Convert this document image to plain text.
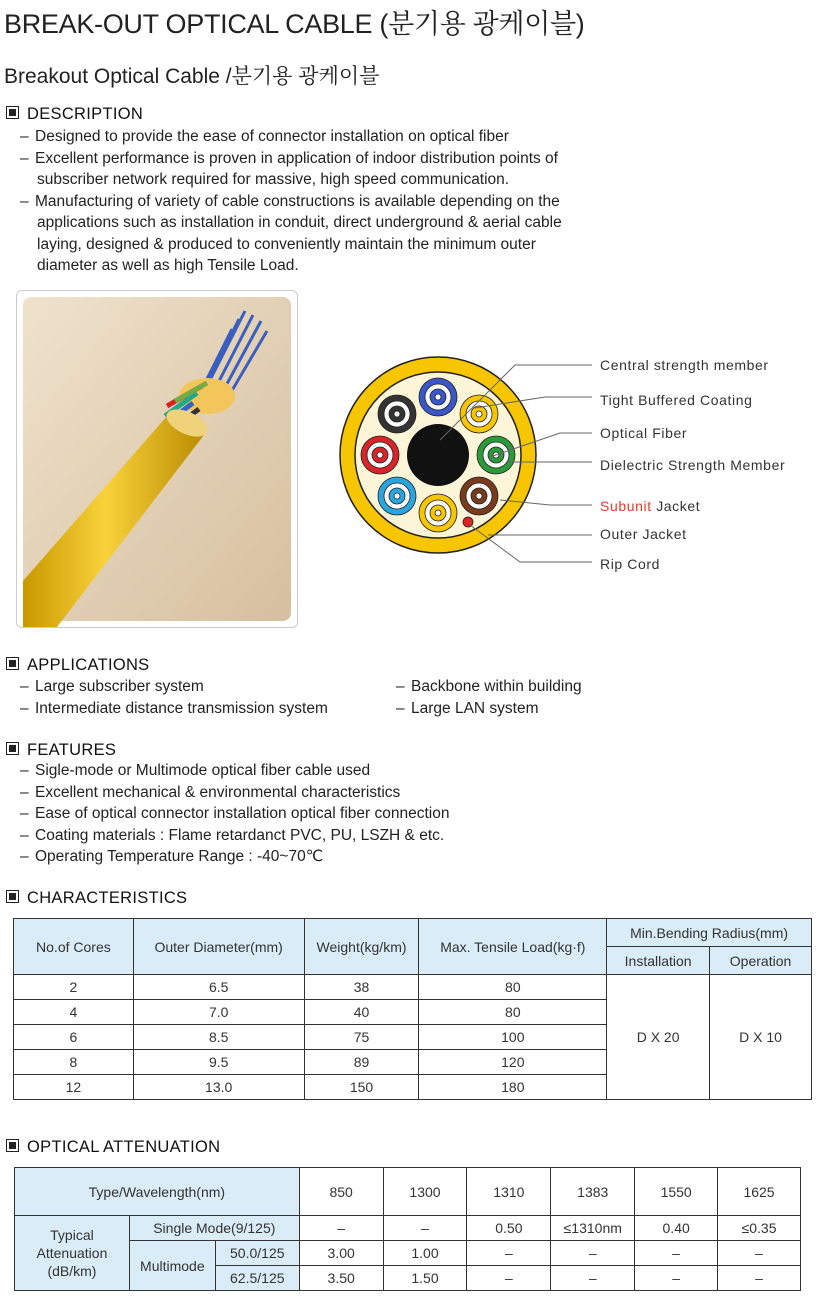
BREAK-OUT OPTICAL CABLE (분기용 광케이블)
Breakout Optical Cable /분기용 광케이블
DESCRIPTION
– Designed to provide the ease of connector installation on optical fiber
– Excellent performance is proven in application of indoor distribution points of
subscriber network required for massive, high speed communication.
– Manufacturing of variety of cable constructions is available depending on the
applications such as installation in conduit, direct underground & aerial cable
laying, designed & produced to conveniently maintain the minimum outer
diameter as well as high Tensile Load.
Central strength member
Tight Buffered Coating
Optical Fiber
Dielectric Strength Member
Subunit Jacket
Outer Jacket
Rip Cord
APPLICATIONS
– Large subscriber system
– Intermediate distance transmission system
– Backbone within building
– Large LAN system
FEATURES
– Sigle-mode or Multimode optical fiber cable used
– Excellent mechanical & environmental characteristics
– Ease of optical connector installation optical fiber connection
– Coating materials : Flame retardanct PVC, PU, LSZH & etc.
– Operating Temperature Range : -40~70℃
CHARACTERISTICS
No.of Cores	Outer Diameter(mm)	Weight(kg/km)	Max. Tensile Load(kg·f)	Min.Bending Radius(mm)	
				Installation	Operation
2	6.5	38	80	D X 20	D X 10
4	7.0	40	80		
6	8.5	75	100		
8	9.5	89	120		
12	13.0	150	180		
OPTICAL ATTENUATION
Type/Wavelength(nm)			850	1300	1310	1383	1550	1625

Typical
Attenuation
(dB/km)	Single Mode(9/125)		–	–	0.50	≤1310nm	0.40	≤0.35
	Multimode	50.0/125	3.00	1.00	–	–	–	–
		62.5/125	3.50	1.50	–	–	–	–
